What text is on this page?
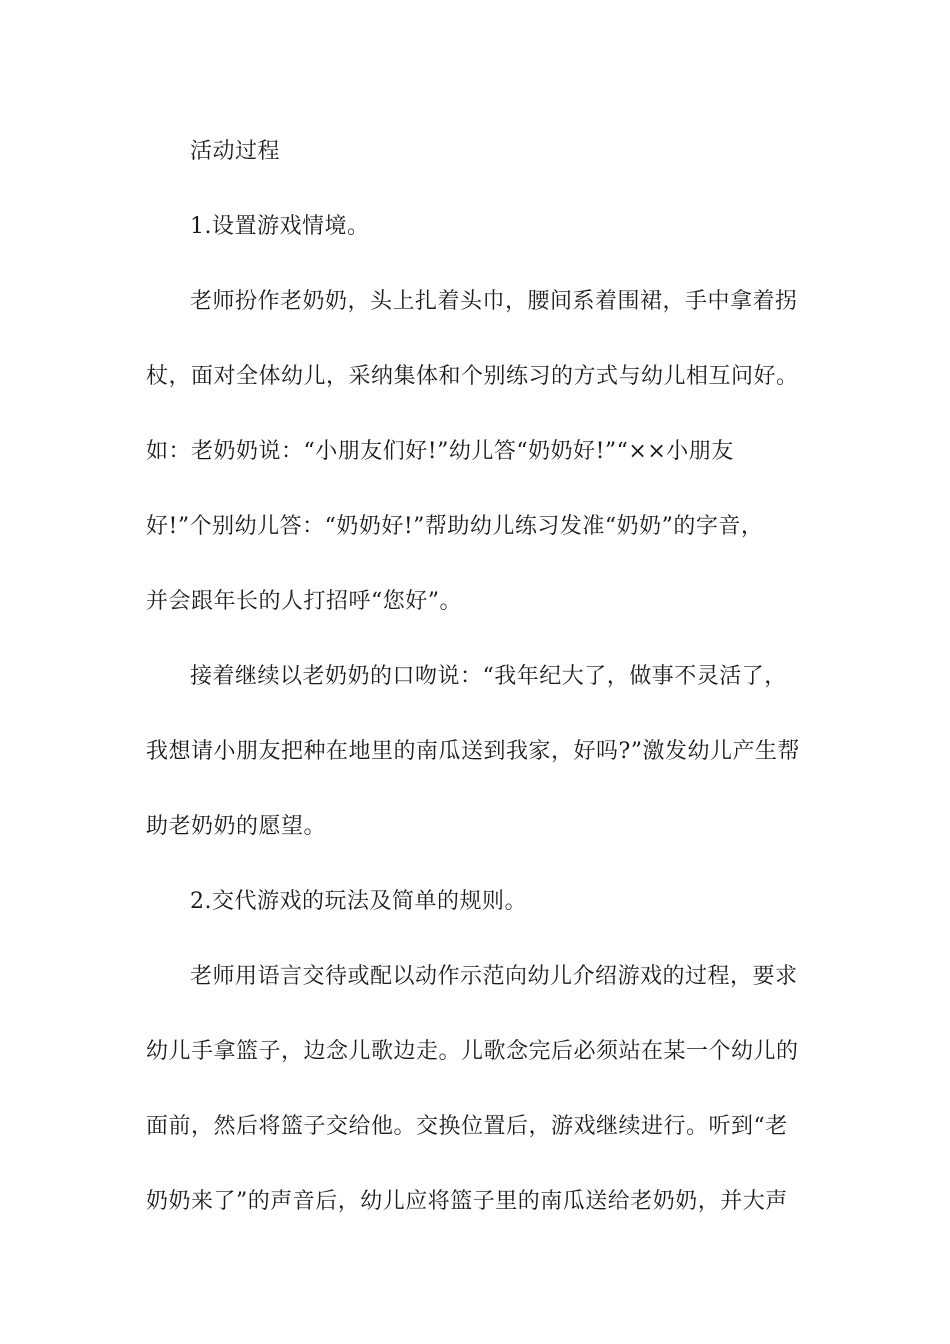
活动过程
1.设置游戏情境。
老师扮作老奶奶，头上扎着头巾，腰间系着围裙，手中拿着拐
杖，面对全体幼儿，采纳集体和个别练习的方式与幼儿相互问好。
如：老奶奶说：“小朋友们好!”幼儿答“奶奶好!”“××小朋友
好!”个别幼儿答：“奶奶好!”帮助幼儿练习发准“奶奶”的字音，
并会跟年长的人打招呼“您好”。
接着继续以老奶奶的口吻说：“我年纪大了，做事不灵活了，
我想请小朋友把种在地里的南瓜送到我家，好吗?”激发幼儿产生帮
助老奶奶的愿望。
2.交代游戏的玩法及简单的规则。
老师用语言交待或配以动作示范向幼儿介绍游戏的过程，要求
幼儿手拿篮子，边念儿歌边走。儿歌念完后必须站在某一个幼儿的
面前，然后将篮子交给他。交换位置后，游戏继续进行。听到“老
奶奶来了”的声音后，幼儿应将篮子里的南瓜送给老奶奶，并大声
